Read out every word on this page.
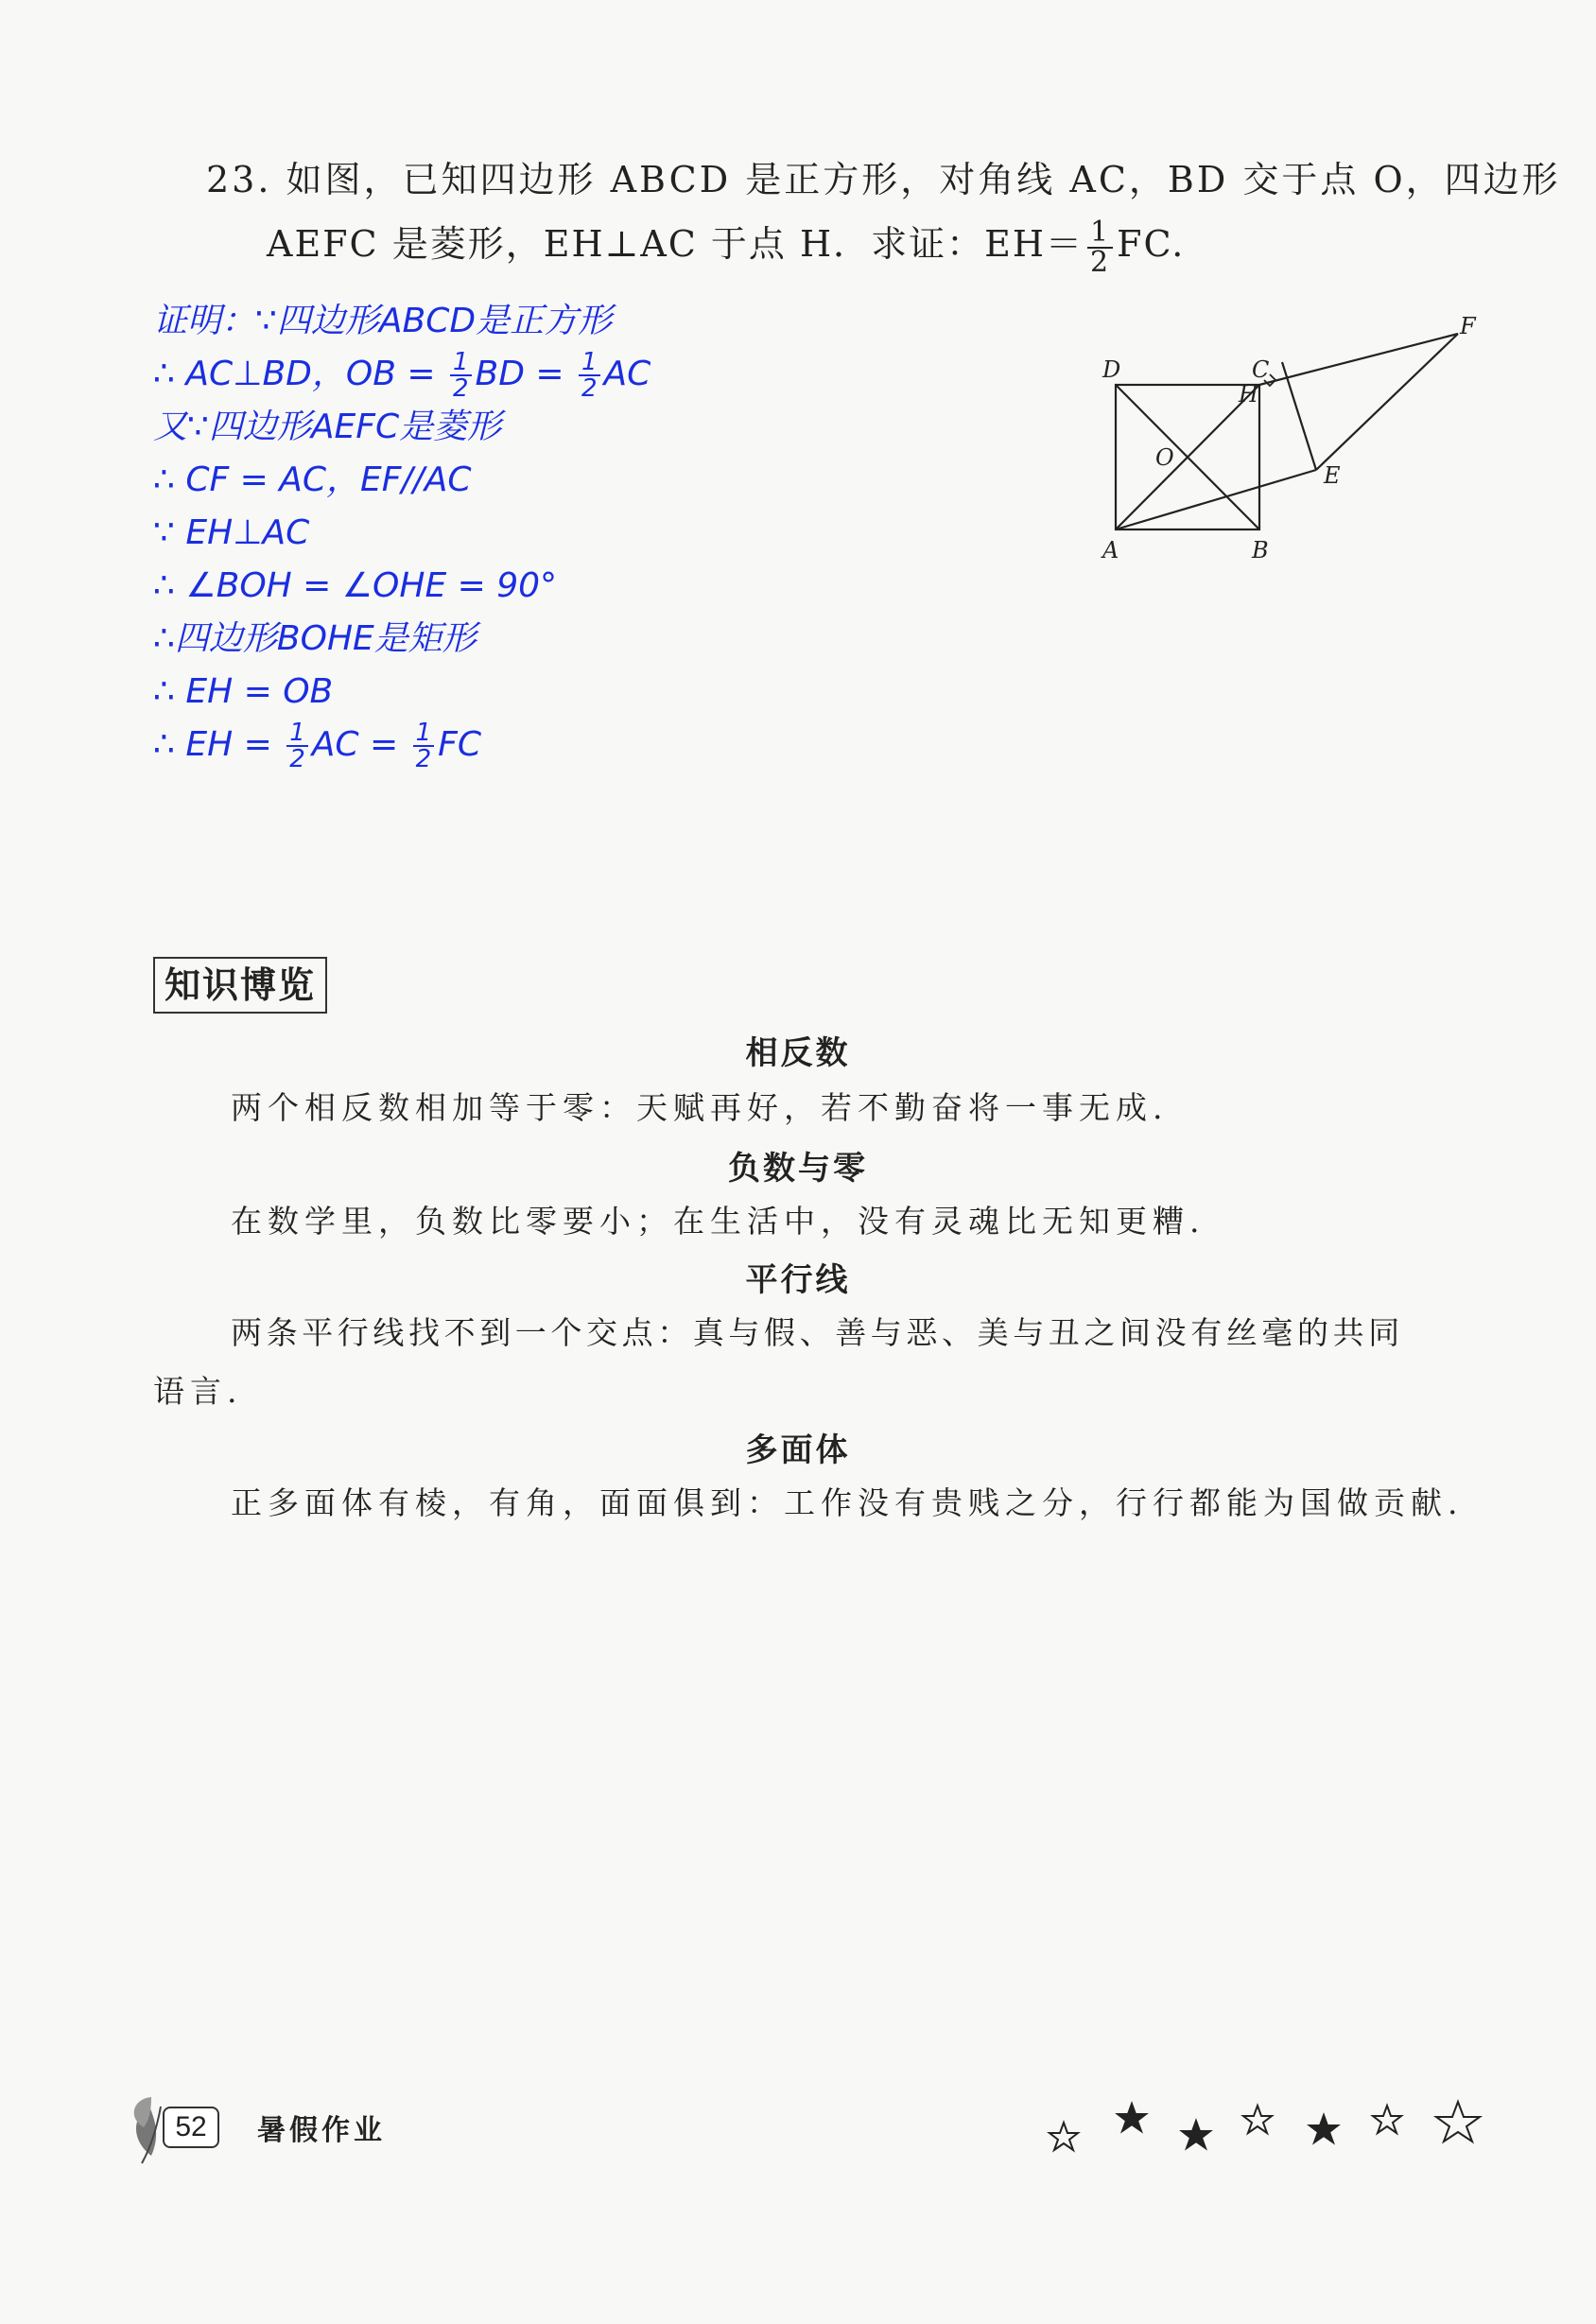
23. 如图，已知四边形 ABCD 是正方形，对角线 AC，BD 交于点 O，四边形
AEFC 是菱形，EH⊥AC 于点 H．求证：$EH= \frac{1}{2}$ FC.
证明：∵四边形ABCD是正方形
∴ AC⊥BD，OB = $\frac{1}{2}$ BD = $\frac{1}{2}$ AC
又∵四边形AEFC是菱形
∴ CF = AC，EF//AC
∵ EH⊥AC
∴ ∠BOH = ∠OHE = 90°
∴四边形BOHE是矩形
∴ EH = OB
∴ EH = $\frac{1}{2}$ AC = $\frac{1}{2}$ FC
A	B
C
D
E
F
H
O
知识博览
相反数
两个相反数相加等于零：天赋再好，若不勤奋将一事无成.
负数与零
在数学里，负数比零要小；在生活中，没有灵魂比无知更糟.
平行线
两条平行线找不到一个交点：真与假、善与恶、美与丑之间没有丝毫的共同
语言.
多面体
正多面体有棱，有角，面面俱到：工作没有贵贱之分，行行都能为国做贡献.
52	暑假作业
